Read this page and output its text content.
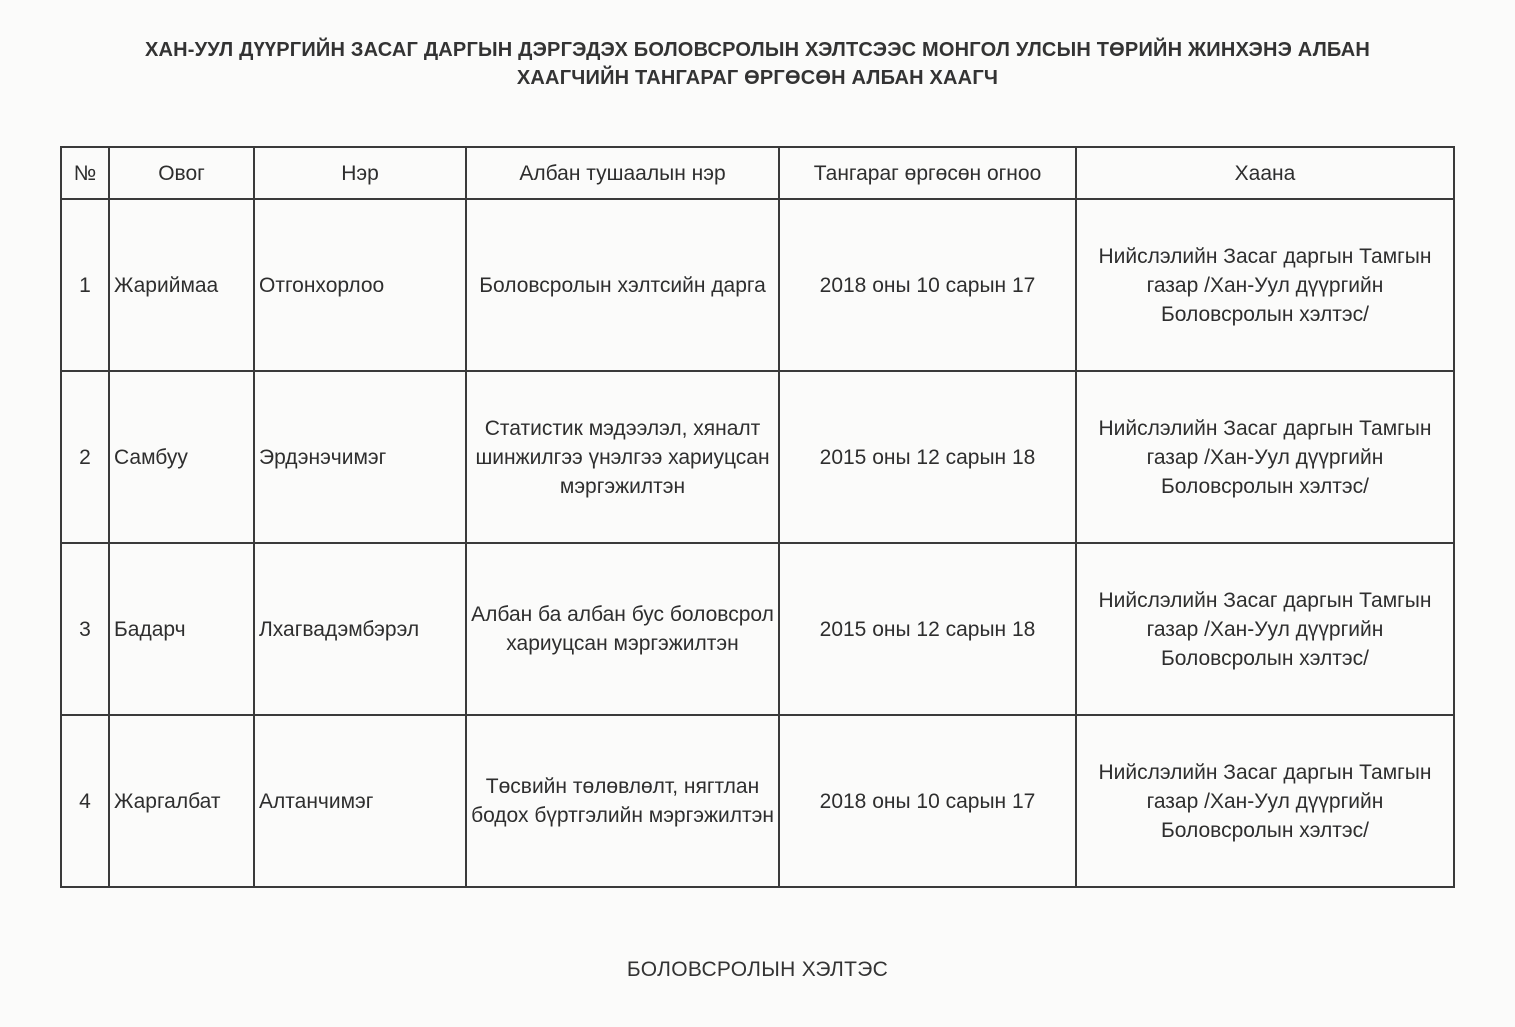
ХАН-УУЛ ДҮҮРГИЙН ЗАСАГ ДАРГЫН ДЭРГЭДЭХ БОЛОВСРОЛЫН ХЭЛТСЭЭС МОНГОЛ УЛСЫН ТӨРИЙН ЖИНХЭНЭ АЛБАН
ХААГЧИЙН ТАНГАРАГ ӨРГӨСӨН АЛБАН ХААГЧ
№	Овог	Нэр	Албан тушаалын нэр	Тангараг өргөсөн огноо	Хаана
1	Жариймаа	Отгонхорлоо	Боловсролын хэлтсийн дарга	2018 оны 10 сарын 17	Нийслэлийн Засаг даргын Тамгын газар /Хан-Уул дүүргийн Боловсролын хэлтэс/
2	Самбуу	Эрдэнэчимэг	Статистик мэдээлэл, хяналт шинжилгээ үнэлгээ хариуцсан мэргэжилтэн	2015 оны 12 сарын 18	Нийслэлийн Засаг даргын Тамгын газар /Хан-Уул дүүргийн Боловсролын хэлтэс/
3	Бадарч	Лхагвадэмбэрэл	Албан ба албан бус боловсрол хариуцсан мэргэжилтэн	2015 оны 12 сарын 18	Нийслэлийн Засаг даргын Тамгын газар /Хан-Уул дүүргийн Боловсролын хэлтэс/
4	Жаргалбат	Алтанчимэг	Төсвийн төлөвлөлт, нягтлан бодох бүртгэлийн мэргэжилтэн	2018 оны 10 сарын 17	Нийслэлийн Засаг даргын Тамгын газар /Хан-Уул дүүргийн Боловсролын хэлтэс/
БОЛОВСРОЛЫН ХЭЛТЭС
